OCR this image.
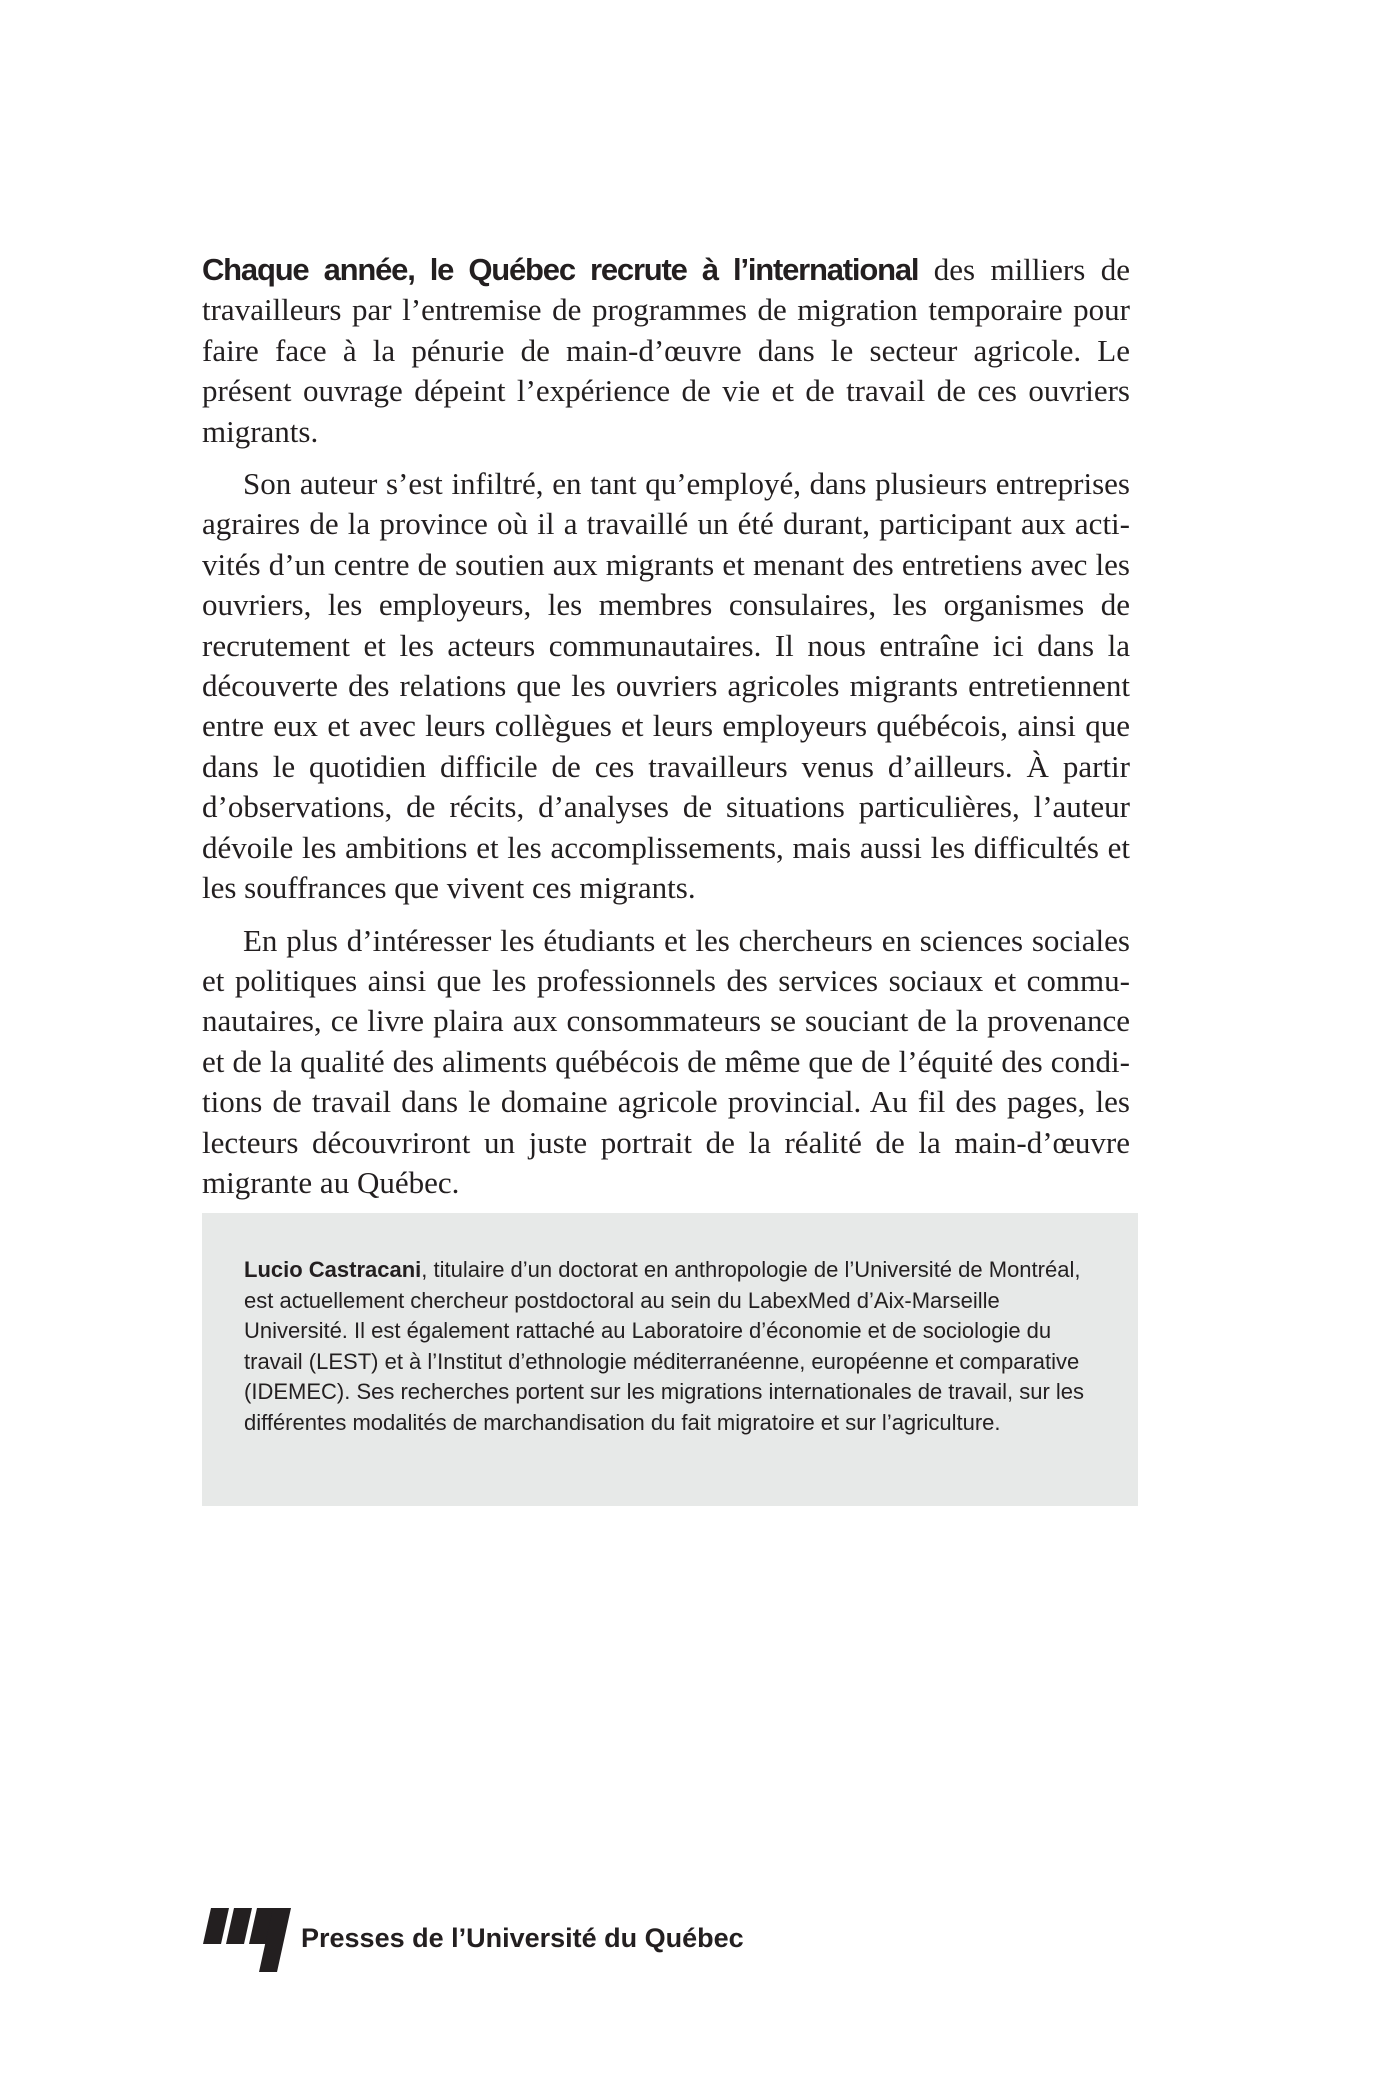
Chaque année, le Québec recrute à l’international des milliers de travailleurs par l’entremise de programmes de migration temporaire pour faire face à la pénurie de main-d’œuvre dans le secteur agricole. Le présent ouvrage dépeint l’expérience de vie et de travail de ces ouvriers migrants.

Son auteur s’est infiltré, en tant qu’employé, dans plusieurs entreprises agraires de la province où il a travaillé un été durant, participant aux activités d’un centre de soutien aux migrants et menant des entretiens avec les ouvriers, les employeurs, les membres consulaires, les organismes de recrutement et les acteurs communautaires. Il nous entraîne ici dans la découverte des relations que les ouvriers agricoles migrants entretiennent entre eux et avec leurs collègues et leurs employeurs québécois, ainsi que dans le quotidien difficile de ces travailleurs venus d’ailleurs. À partir d’observations, de récits, d’analyses de situations particulières, l’auteur dévoile les ambitions et les accomplissements, mais aussi les difficultés et les souffrances que vivent ces migrants.

En plus d’intéresser les étudiants et les chercheurs en sciences sociales et politiques ainsi que les professionnels des services sociaux et communautaires, ce livre plaira aux consommateurs se souciant de la provenance et de la qualité des aliments québécois de même que de l’équité des conditions de travail dans le domaine agricole provincial. Au fil des pages, les lecteurs découvriront un juste portrait de la réalité de la main-d’œuvre migrante au Québec.

Lucio Castracani, titulaire d’un doctorat en anthropologie de l’Université de Montréal, est actuellement chercheur postdoctoral au sein du LabexMed d’Aix-Marseille Université. Il est également rattaché au Laboratoire d’économie et de sociologie du travail (LEST) et à l’Institut d’ethnologie méditerranéenne, européenne et comparative (IDEMEC). Ses recherches portent sur les migrations internationales de travail, sur les différentes modalités de marchandisation du fait migratoire et sur l’agriculture.

Presses de l’Université du Québec
